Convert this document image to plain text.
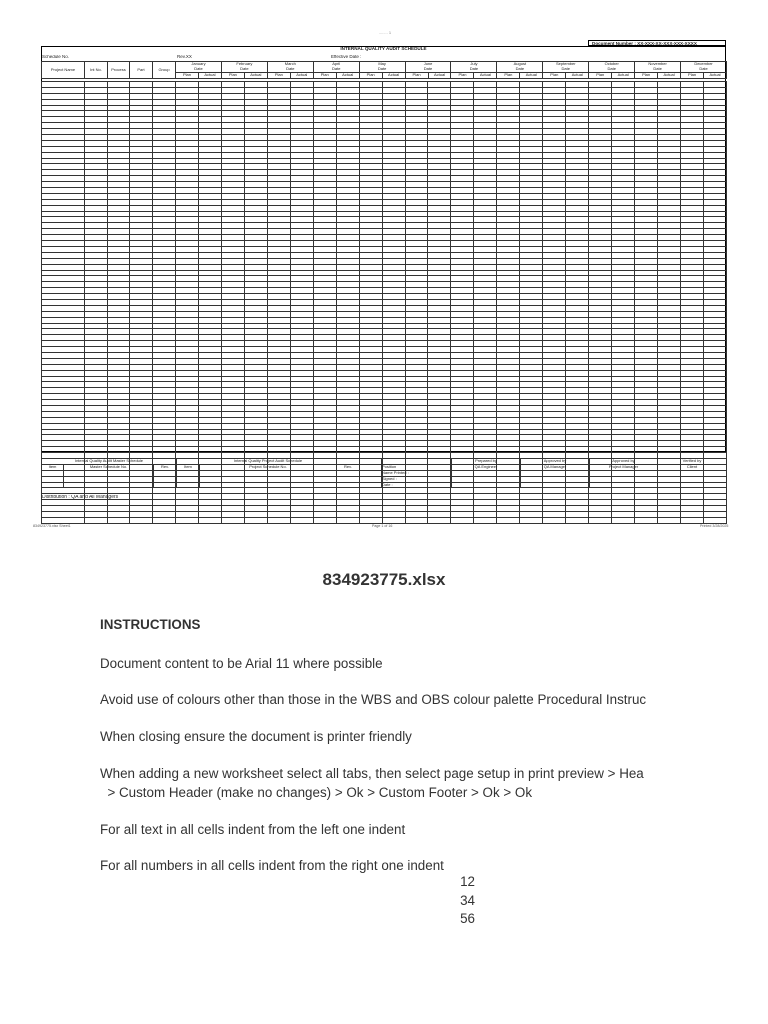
........ 1
Document Number : XX-XXX-XX-XXX-XXX-XXXX
INTERNAL QUALITY AUDIT SCHEDULE
Schedule No.	Rev.XX	Effective Date :
Project Name	Int No.	Process	Part	Group	January		February		March		April		May		June		July		August		September		October		November		December	
					Date		Date		Date		Date		Date		Date		Date		Date		Date		Date		Date		Date	
					Plan	Actual	Plan	Actual	Plan	Actual	Plan	Actual	Plan	Actual	Plan	Actual	Plan	Actual	Plan	Actual	Plan	Actual	Plan	Actual	Plan	Actual	Plan	Actual

Internal Quality Audit Master Schedule			Internal Quality Project Audit Schedule		
Item	Master Schedule No.	Rev.	Item	Project Schedule No.	Rev.

	Prepared by	Approved by	Approved by	Verified by
Position	QA Engineer	QA Manager	Project Manager	Client
Name Printed :				
Signed :				
Date :				
Distribution : QA and All Managers
834923775.xlsx Sheet1	Page 1 of 16	Printed 3/28/2025
834923775.xlsx
INSTRUCTIONS
Document content to be Arial 11 where possible
Avoid use of colours other than those in the WBS and OBS colour palette Procedural Instruc
When closing ensure the document is printer friendly
When adding a new worksheet select all tabs, then select page setup in print preview > Hea
> Custom Header (make no changes) > Ok > Custom Footer > Ok > Ok
For all text in all cells indent from the left one indent
For all numbers in all cells indent from the right one indent
12
34
56
